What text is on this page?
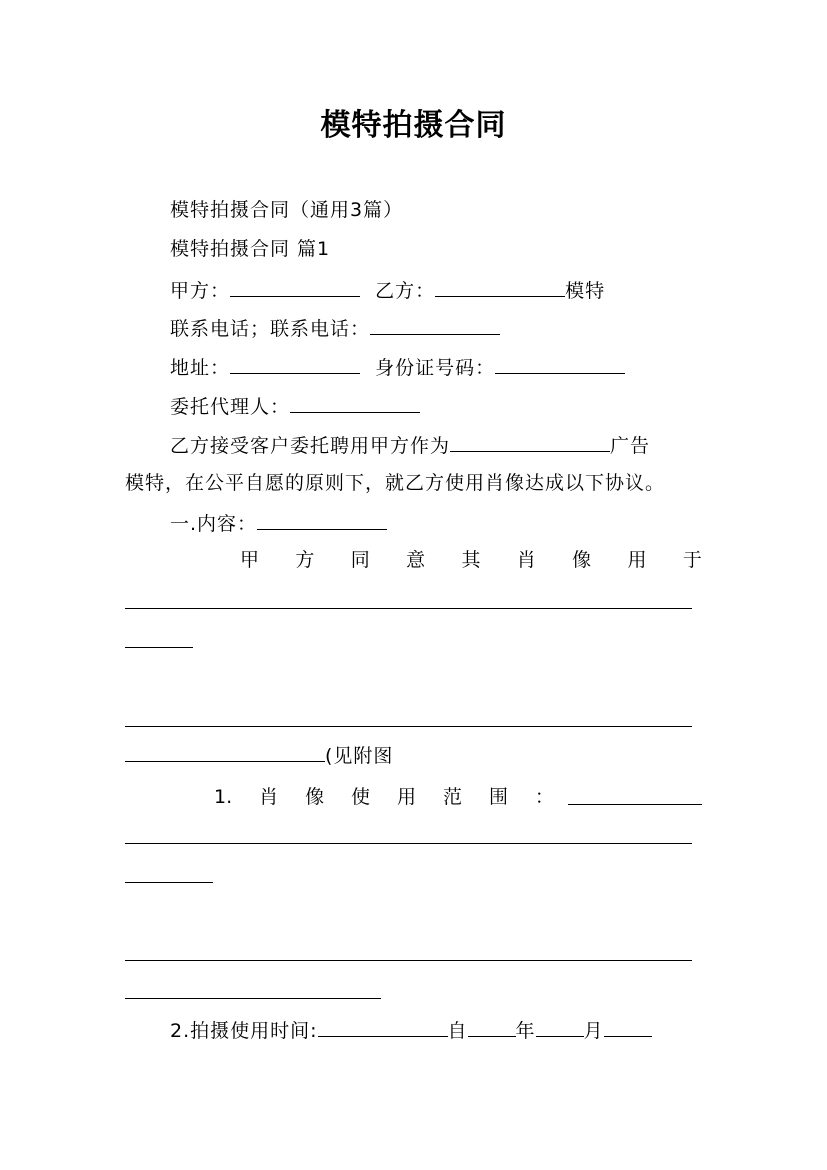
模特拍摄合同
模特拍摄合同（通用3篇）
模特拍摄合同 篇1
甲方：	乙方：	模特
联系电话；联系电话：
地址：	身份证号码：
委托代理人：
乙方接受客户委托聘用甲方作为	广告
模特，在公平自愿的原则下，就乙方使用肖像达成以下协议。
一.内容：
甲 方 同 意 其 肖 像 用 于
(见附图
1. 肖 像 使 用 范 围 ：
2.拍摄使用时间:	自	年	月
